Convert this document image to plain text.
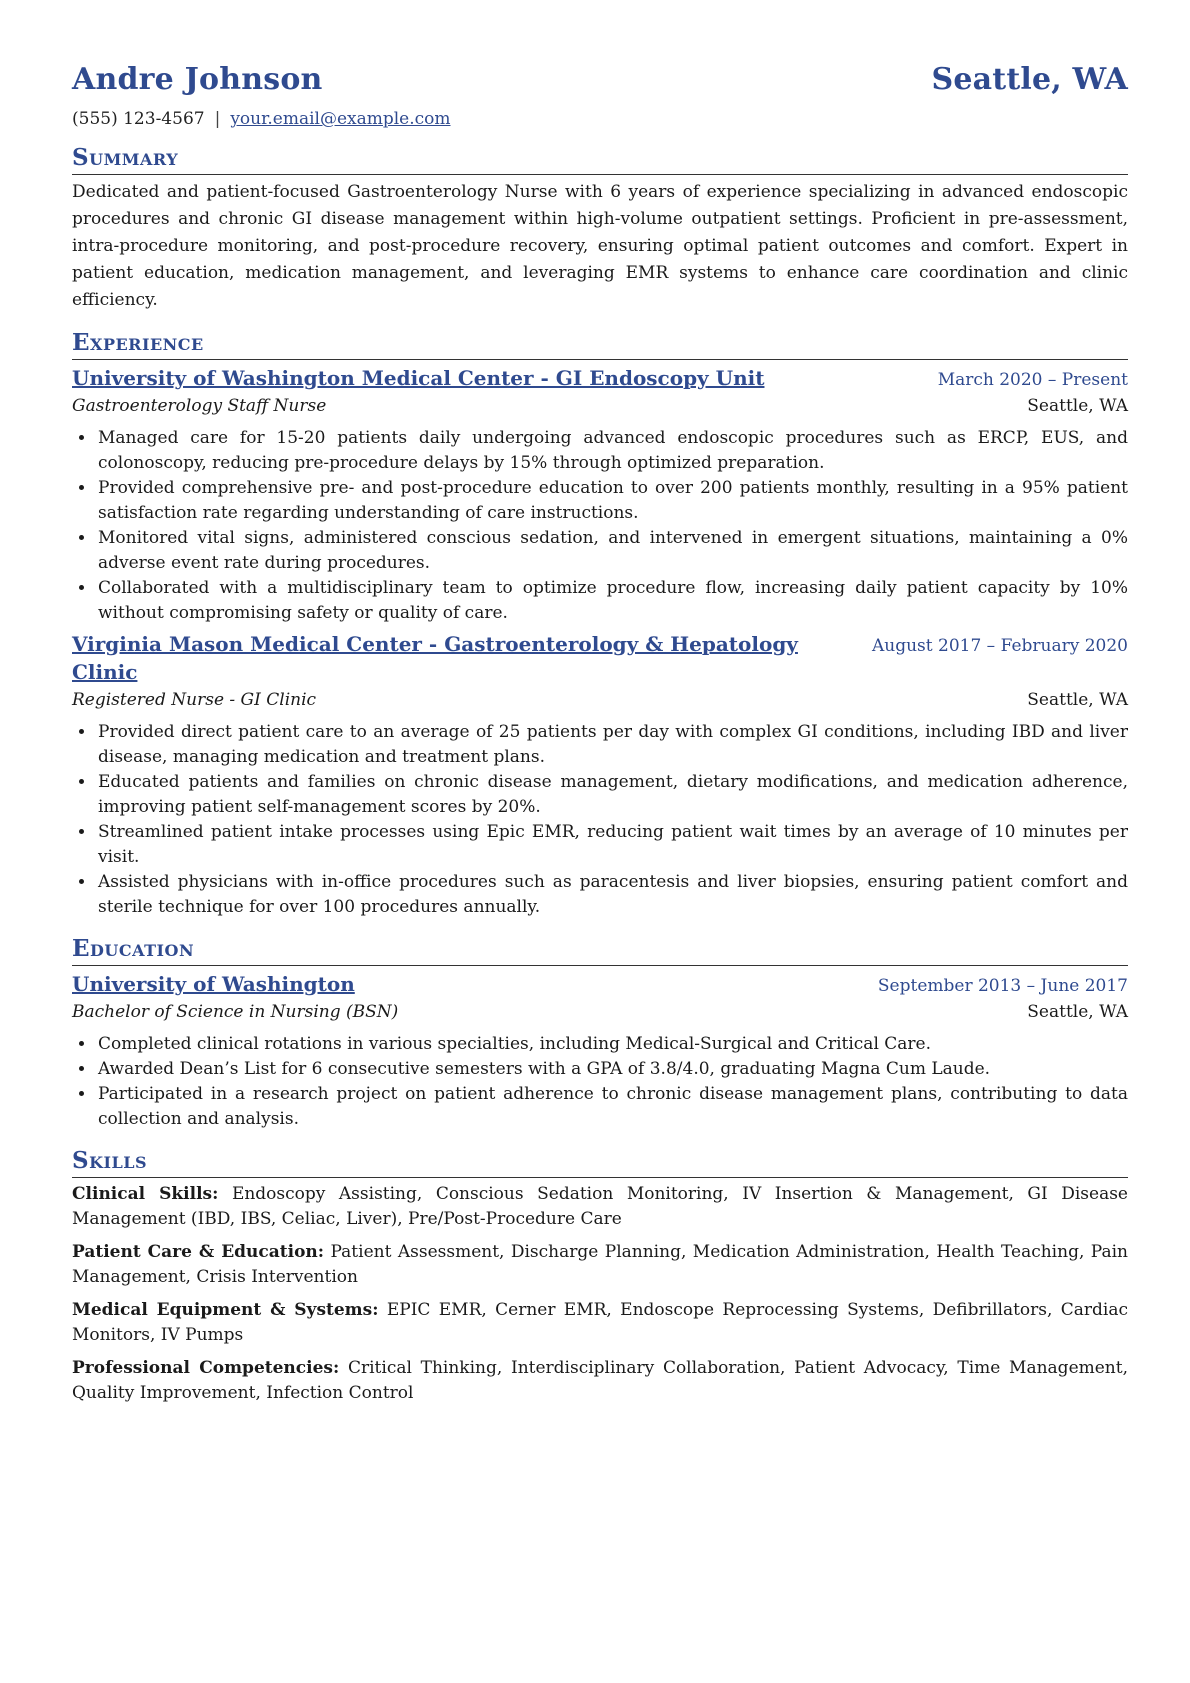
Andre Johnson	Seattle, WA
(555) 123-4567 | your.email@example.com
Summary
Dedicated and patient-focused Gastroenterology Nurse with 6 years of experience specializing in advanced endoscopic procedures and chronic GI disease management within high-volume outpatient settings. Proficient in pre-assessment, intra-procedure monitoring, and post-procedure recovery, ensuring optimal patient outcomes and comfort. Expert in patient education, medication management, and leveraging EMR systems to enhance care coordination and clinic efficiency.
Experience
University of Washington Medical Center - GI Endoscopy Unit	March 2020 – Present
Gastroenterology Staff Nurse	Seattle, WA
• Managed care for 15-20 patients daily undergoing advanced endoscopic procedures such as ERCP, EUS, and colonoscopy, reducing pre-procedure delays by 15% through optimized preparation.
• Provided comprehensive pre- and post-procedure education to over 200 patients monthly, resulting in a 95% patient satisfaction rate regarding understanding of care instructions.
• Monitored vital signs, administered conscious sedation, and intervened in emergent situations, maintaining a 0% adverse event rate during procedures.
• Collaborated with a multidisciplinary team to optimize procedure flow, increasing daily patient capacity by 10% without compromising safety or quality of care.
Virginia Mason Medical Center - Gastroenterology & Hepatology Clinic
August 2017 – February 2020
Registered Nurse - GI Clinic	Seattle, WA
• Provided direct patient care to an average of 25 patients per day with complex GI conditions, including IBD and liver disease, managing medication and treatment plans.
• Educated patients and families on chronic disease management, dietary modifications, and medication adherence, improving patient self-management scores by 20%.
• Streamlined patient intake processes using Epic EMR, reducing patient wait times by an average of 10 minutes per visit.
• Assisted physicians with in-office procedures such as paracentesis and liver biopsies, ensuring patient comfort and sterile technique for over 100 procedures annually.
Education
University of Washington	September 2013 – June 2017
Bachelor of Science in Nursing (BSN)	Seattle, WA
• Completed clinical rotations in various specialties, including Medical-Surgical and Critical Care.
• Awarded Dean’s List for 6 consecutive semesters with a GPA of 3.8/4.0, graduating Magna Cum Laude.
• Participated in a research project on patient adherence to chronic disease management plans, contributing to data collection and analysis.
Skills
Clinical Skills: Endoscopy Assisting, Conscious Sedation Monitoring, IV Insertion & Management, GI Disease Management (IBD, IBS, Celiac, Liver), Pre/Post-Procedure Care
Patient Care & Education: Patient Assessment, Discharge Planning, Medication Administration, Health Teaching, Pain Management, Crisis Intervention
Medical Equipment & Systems: EPIC EMR, Cerner EMR, Endoscope Reprocessing Systems, Defibrillators, Cardiac Monitors, IV Pumps
Professional Competencies: Critical Thinking, Interdisciplinary Collaboration, Patient Advocacy, Time Management, Quality Improvement, Infection Control
